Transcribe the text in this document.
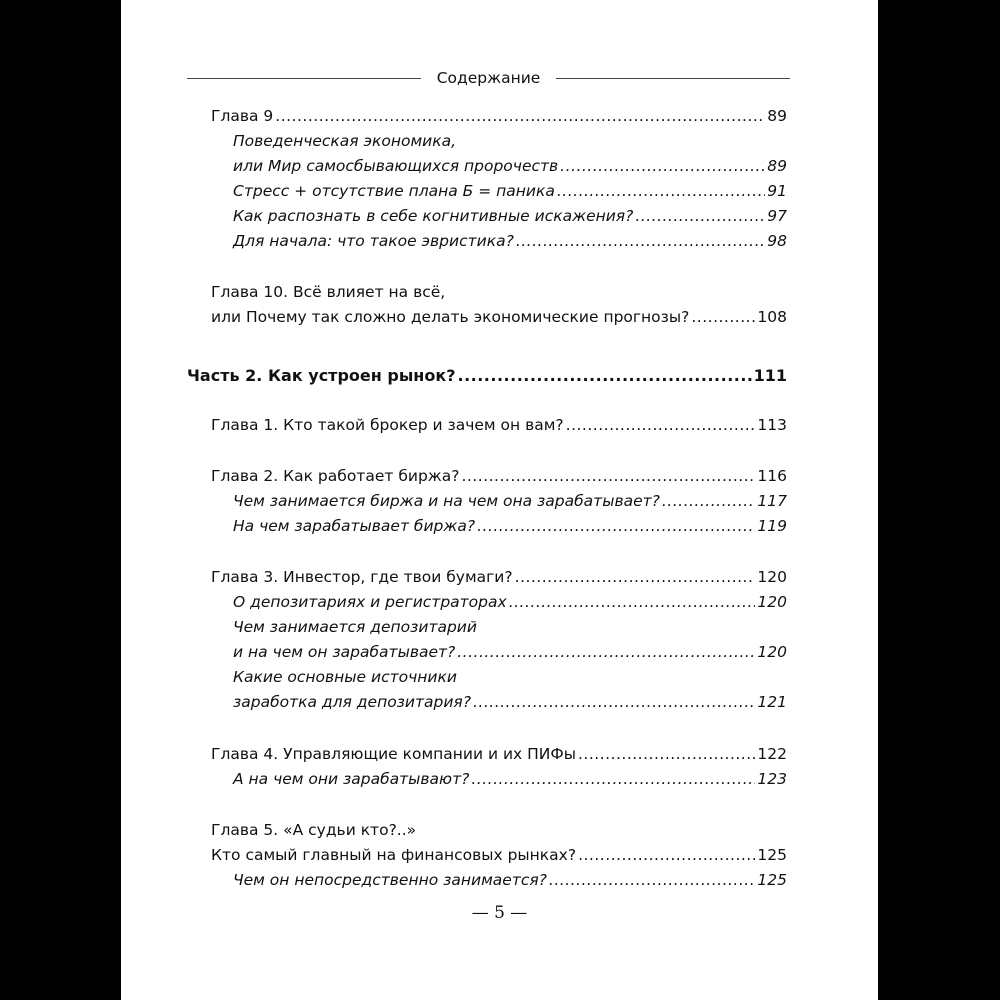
Содержание
Глава 9 .....	89
Поведенческая экономика,
или Мир самосбывающихся пророчеств .....	89
Стресс + отсутствие плана Б = паника .....	91
Как распознать в себе когнитивные искажения? .....	97
Для начала: что такое эвристика? .....	98
Глава 10. Всё влияет на всё,
или Почему так сложно делать экономические прогнозы? .....	108
Часть 2. Как устроен рынок? .....	111
Глава 1. Кто такой брокер и зачем он вам? .....	113
Глава 2. Как работает биржа? .....	116
Чем занимается биржа и на чем она зарабатывает? .....	117
На чем зарабатывает биржа? .....	119
Глава 3. Инвестор, где твои бумаги? .....	120
О депозитариях и регистраторах .....	120
Чем занимается депозитарий
и на чем он зарабатывает? .....	120
Какие основные источники
заработка для депозитария? .....	121
Глава 4. Управляющие компании и их ПИФы .....	122
А на чем они зарабатывают? .....	123
Глава 5. «А судьи кто?..»
Кто самый главный на финансовых рынках? .....	125
Чем он непосредственно занимается? .....	125
— 5 —
